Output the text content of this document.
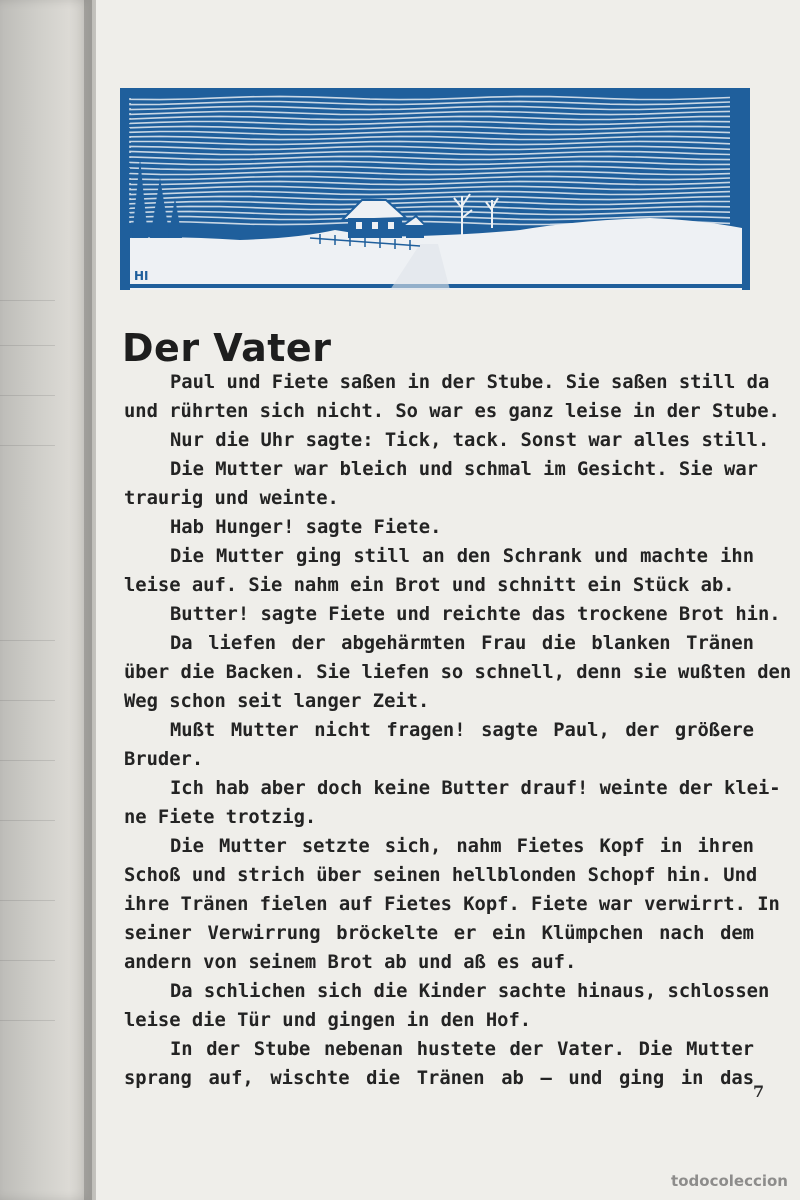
HI
Der Vater
Paul und Fiete saßen in der Stube. Sie saßen still da
und rührten sich nicht. So war es ganz leise in der Stube.
Nur die Uhr sagte: Tick, tack. Sonst war alles still.
Die Mutter war bleich und schmal im Gesicht. Sie war
traurig und weinte.
Hab Hunger! sagte Fiete.
Die Mutter ging still an den Schrank und machte ihn
leise auf. Sie nahm ein Brot und schnitt ein Stück ab.
Butter! sagte Fiete und reichte das trockene Brot hin.
Da liefen der abgehärmten Frau die blanken Tränen
über die Backen. Sie liefen so schnell, denn sie wußten den
Weg schon seit langer Zeit.
Mußt Mutter nicht fragen! sagte Paul, der größere
Bruder.
Ich hab aber doch keine Butter drauf! weinte der klei-
ne Fiete trotzig.
Die Mutter setzte sich, nahm Fietes Kopf in ihren
Schoß und strich über seinen hellblonden Schopf hin. Und
ihre Tränen fielen auf Fietes Kopf. Fiete war verwirrt. In
seiner Verwirrung bröckelte er ein Klümpchen nach dem
andern von seinem Brot ab und aß es auf.
Da schlichen sich die Kinder sachte hinaus, schlossen
leise die Tür und gingen in den Hof.
In der Stube nebenan hustete der Vater. Die Mutter
sprang auf, wischte die Tränen ab — und ging in das
7
todocoleccion
